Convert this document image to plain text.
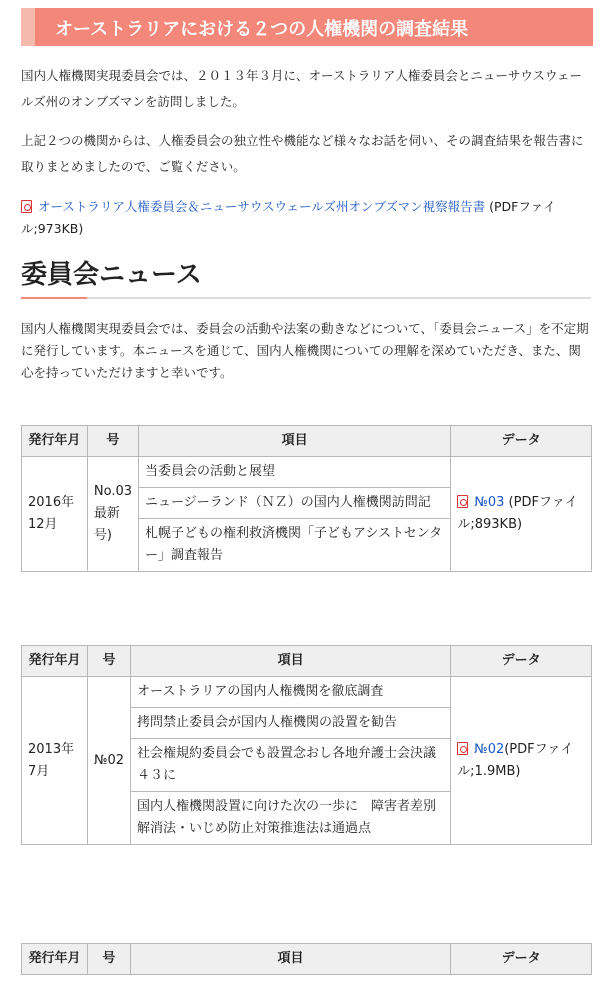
オーストラリアにおける２つの人権機関の調査結果
国内人権機関実現委員会では、２０１３年３月に、オーストラリア人権委員会とニューサウスウェールズ州のオンブズマンを訪問しました。
上記２つの機関からは、人権委員会の独立性や機能など様々なお話を伺い、その調査結果を報告書に取りまとめましたので、ご覧ください。
オーストラリア人権委員会＆ニューサウスウェールズ州オンブズマン視察報告書 (PDFファイル;973KB)
委員会ニュース
国内人権機関実現委員会では、委員会の活動や法案の動きなどについて、「委員会ニュース」を不定期に発行しています。本ニュースを通じて、国内人権機関についての理解を深めていただき、また、関心を持っていただけますと幸いです。
発行年月	号	項目	データ
2016年12月	No.03 最新号)	当委員会の活動と展望
ニュージーランド（ＮＺ）の国内人権機関訪問記
札幌子どもの権利救済機関「子どもアシストセンター」調査報告	№03 (PDFファイル;893KB)
発行年月	号	項目	データ
2013年7月	№02	オーストラリアの国内人権機関を徹底調査
拷問禁止委員会が国内人権機関の設置を勧告
社会権規約委員会でも設置念おし各地弁護士会決議４３に
国内人権機関設置に向けた次の一歩に　障害者差別解消法・いじめ防止対策推進法は通過点	№02(PDFファイル;1.9MB)
発行年月	号	項目	データ
